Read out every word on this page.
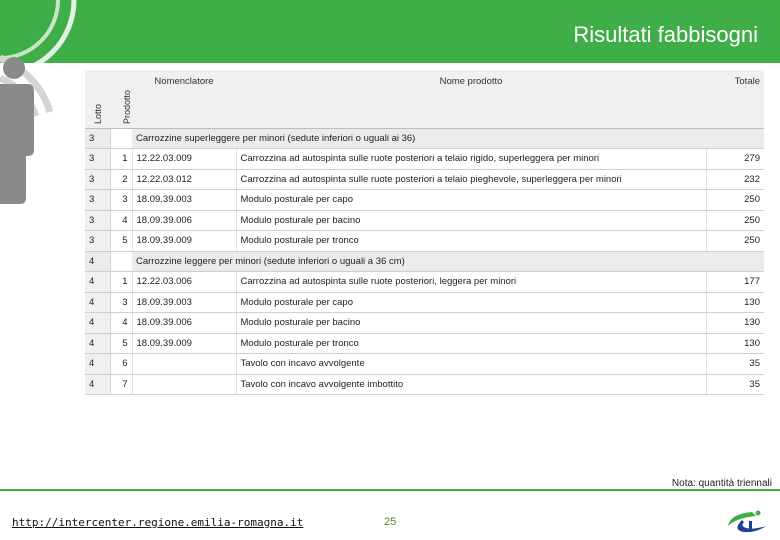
Risultati fabbisogni
Lotto	Prodotto	Nomenclatore	Nome prodotto	Totale
3		Carrozzine superleggere per minori (sedute inferiori o uguali ai 36)		
3	1	12.22.03.009	Carrozzina ad autospinta sulle ruote posteriori a telaio rigido, superleggera per minori	279
3	2	12.22.03.012	Carrozzina ad autospinta sulle ruote posteriori a telaio pieghevole, superleggera per minori	232
3	3	18.09.39.003	Modulo posturale per capo	250
3	4	18.09.39.006	Modulo posturale per bacino	250
3	5	18.09.39.009	Modulo posturale per tronco	250
4		Carrozzine leggere per minori (sedute inferiori o uguali a 36 cm)		
4	1	12.22.03.006	Carrozzina ad autospinta sulle ruote posteriori, leggera per minori	177
4	3	18.09.39.003	Modulo posturale per capo	130
4	4	18.09.39.006	Modulo posturale per bacino	130
4	5	18.09.39.009	Modulo posturale per tronco	130
4	6		Tavolo con incavo avvolgente	35
4	7		Tavolo con incavo avvolgente imbottito	35
Nota: quantità triennali
http://intercenter.regione.emilia-romagna.it	25
